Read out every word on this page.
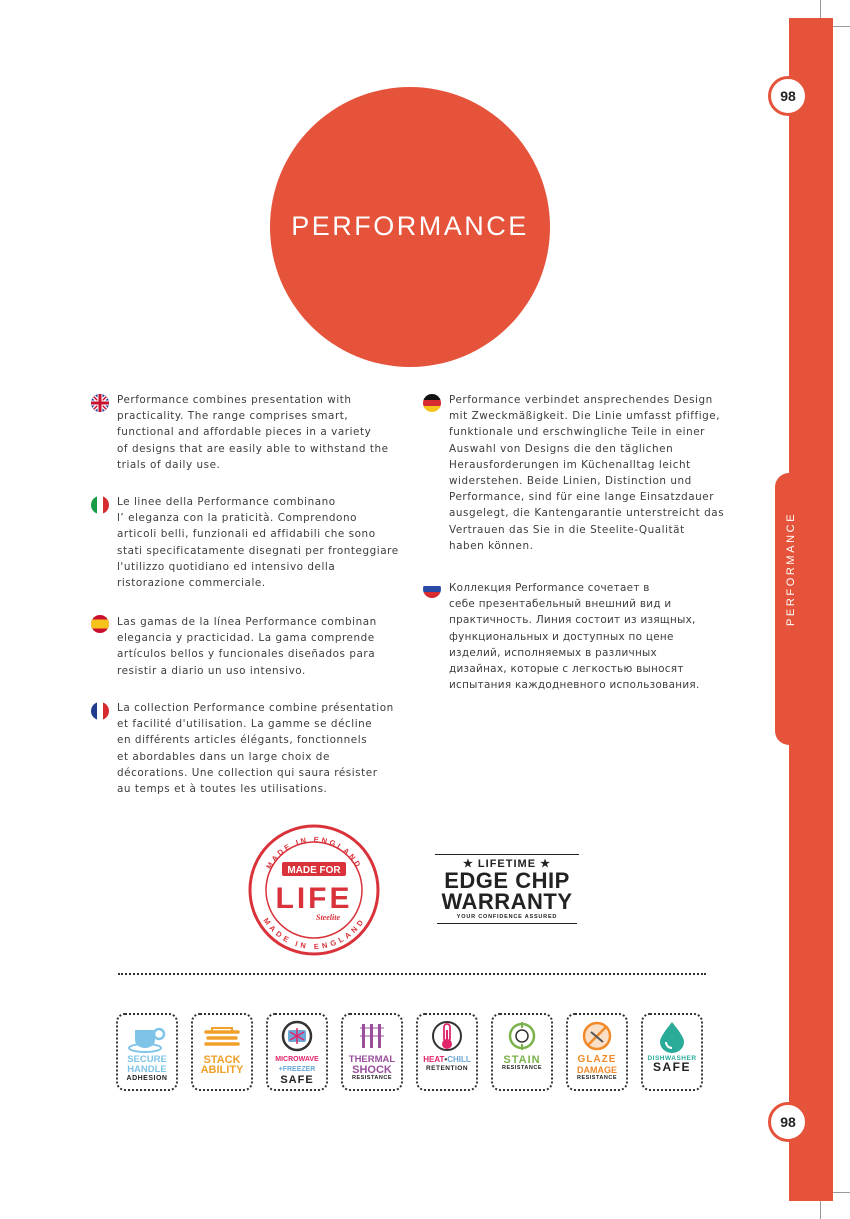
98
98
PERFORMANCE

Performance combines presentation with

practicality. The range comprises smart,

functional and affordable pieces in a variety

of designs that are easily able to withstand the

trials of daily use.

Le linee della Performance combinano

l’ eleganza con la praticità. Comprendono

articoli belli, funzionali ed affidabili che sono

stati specificatamente disegnati per fronteggiare

l'utilizzo quotidiano ed intensivo della

ristorazione commerciale.

Las gamas de la línea Performance combinan

elegancia y practicidad. La gama comprende

artículos bellos y funcionales diseñados para

resistir a diario un uso intensivo.

La collection Performance combine présentation

et facilité d'utilisation. La gamme se décline

en différents articles élégants, fonctionnels

et abordables dans un large choix de

décorations. Une collection qui saura résister

au temps et à toutes les utilisations.

Performance verbindet ansprechendes Design

mit Zweckmäßigkeit. Die Linie umfasst pfiffige,

funktionale und erschwingliche Teile in einer

Auswahl von Designs die den täglichen

Herausforderungen im Küchenalltag leicht

widerstehen. Beide Linien, Distinction und

Performance, sind für eine lange Einsatzdauer

ausgelegt, die Kantengarantie unterstreicht das

Vertrauen das Sie in die Steelite-Qualität

haben können.

Коллекция Performance сочетает в

себе презентабельный внешний вид и

практичность. Линия состоит из изящных,

функциональных и доступных по цене

изделий, исполняемых в различных

дизайнах, которые с легкостью выносят

испытания каждодневного использования.

MADE IN ENGLAND
MADE IN ENGLAND
MADE FOR
LIFE
Steelite
★ LIFETIME ★
EDGE CHIP
WARRANTY
YOUR CONFIDENCE ASSURED
SECURE
HANDLE
ADHESION
STACK
ABILITY
MICROWAVE
+FREEZER
SAFE
THERMAL
SHOCK
RESISTANCE
HEAT•CHILL
RETENTION
STAIN
RESISTANCE
GLAZE
DAMAGE
RESISTANCE
DISHWASHER
SAFE
